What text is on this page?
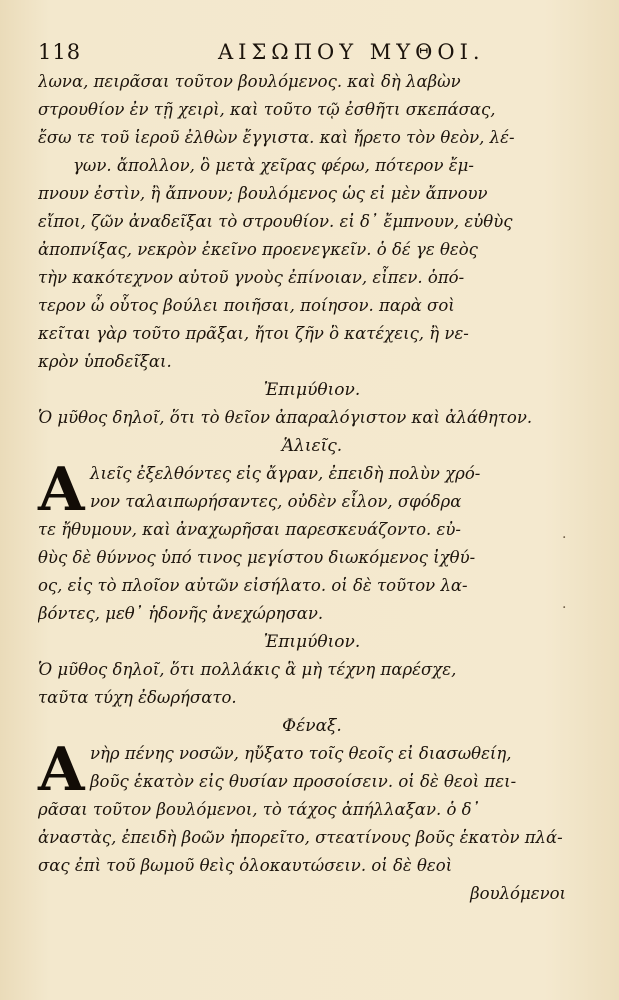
118	ΑΙΣΩΠΟΥ ΜΥΘΟΙ.
λωνα, πειρᾶσαι τοῦτον βουλόμενος. καὶ δὴ λαβὼν
στρουθίον ἐν τῇ χειρὶ, καὶ τοῦτο τῷ ἐσθῆτι σκεπάσας,
ἔσω τε τοῦ ἱεροῦ ἐλθὼν ἔγγιστα. καὶ ἤρετο τὸν θεὸν, λέ-
γων. ἄπολλον, ὃ μετὰ χεῖρας φέρω, πότερον ἔμ-
πνουν ἐστὶν, ἢ ἄπνουν; βουλόμενος ὡς εἰ μὲν ἄπνουν
εἴποι, ζῶν ἀναδεῖξαι τὸ στρουθίον. εἰ δ᾽ ἔμπνουν, εὐθὺς
ἀποπνίξας, νεκρὸν ἐκεῖνο προενεγκεῖν. ὁ δέ γε θεὸς
τὴν κακότεχνον αὐτοῦ γνοὺς ἐπίνοιαν, εἶπεν. ὁπό-
τερον ὦ οὗτος βούλει ποιῆσαι, ποίησον. παρὰ σοὶ
κεῖται γὰρ τοῦτο πρᾶξαι, ἤτοι ζῆν ὃ κατέχεις, ἢ νε-
κρὸν ὑποδεῖξαι.
Ἐπιμύθιον.
Ὁ μῦθος δηλοῖ, ὅτι τὸ θεῖον ἀπαραλόγιστον καὶ ἀλάθητον.
Ἁλιεῖς.
Α λιεῖς ἐξελθόντες εἰς ἄγραν, ἐπειδὴ πολὺν χρό-
νον ταλαιπωρήσαντες, οὐδὲν εἷλον, σφόδρα
τε ἤθυμουν, καὶ ἀναχωρῆσαι παρεσκευάζοντο. εὐ-
θὺς δὲ θύννος ὑπό τινος μεγίστου διωκόμενος ἰχθύ-
ος, εἰς τὸ πλοῖον αὐτῶν εἰσήλατο. οἱ δὲ τοῦτον λα-
βόντες, μεθ᾽ ἡδονῆς ἀνεχώρησαν.
Ἐπιμύθιον.
Ὁ μῦθος δηλοῖ, ὅτι πολλάκις ἃ μὴ τέχνη παρέσχε,
ταῦτα τύχη ἐδωρήσατο.
Φέναξ.
Α νὴρ πένης νοσῶν, ηὔξατο τοῖς θεοῖς εἰ διασωθείη,
βοῦς ἑκατὸν εἰς θυσίαν προσοίσειν. οἱ δὲ θεοὶ πει-
ρᾶσαι τοῦτον βουλόμενοι, τὸ τάχος ἀπήλλαξαν. ὁ δ᾽
ἀναστὰς, ἐπειδὴ βοῶν ἠπορεῖτο, στεατίνους βοῦς ἑκατὸν πλά-
σας ἐπὶ τοῦ βωμοῦ θεὶς ὁλοκαυτώσειν. οἱ δὲ θεοὶ
βουλόμενοι
·
·
